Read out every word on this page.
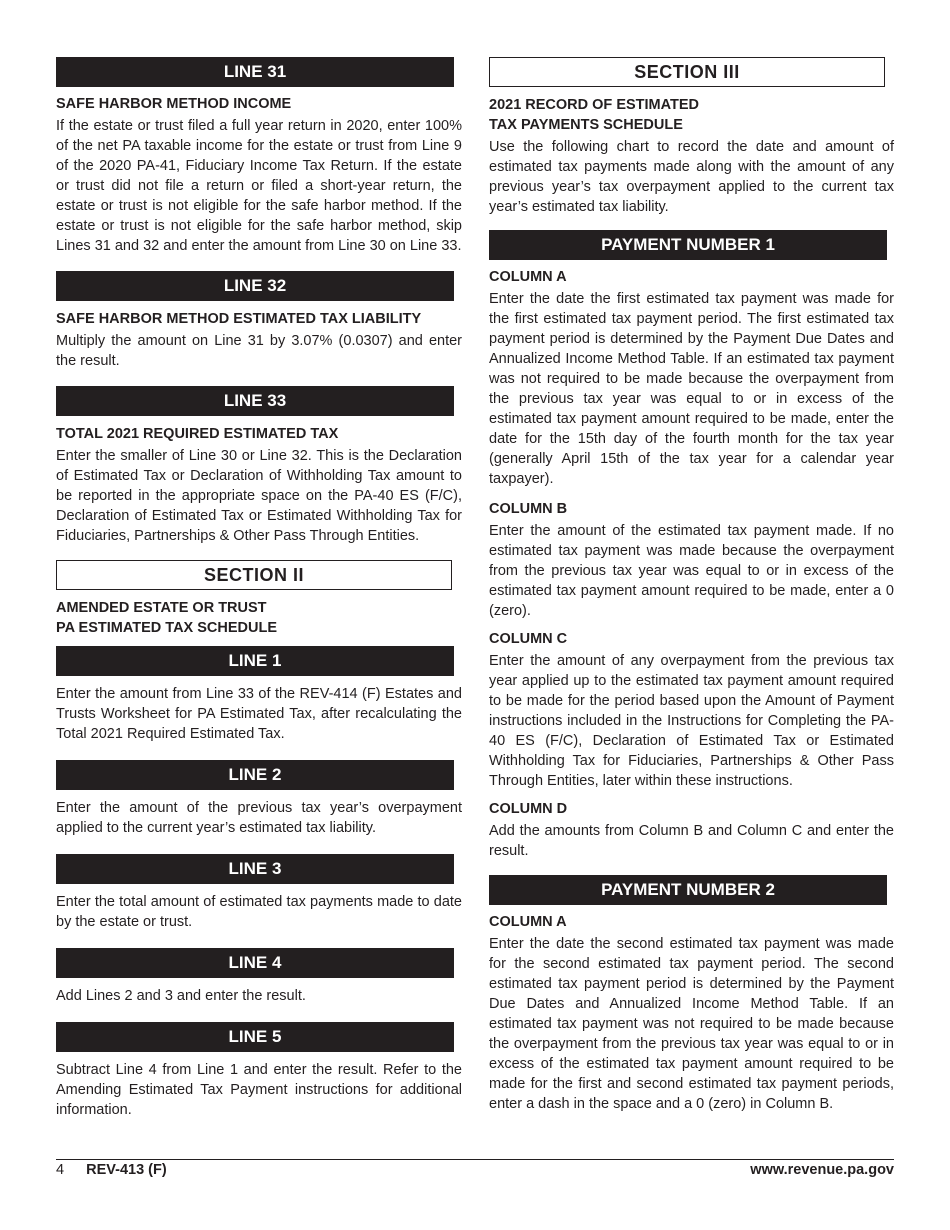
LINE 31

SAFE HARBOR METHOD INCOME

If the estate or trust filed a full year return in 2020, enter 100% of the net PA taxable income for the estate or trust from Line 9 of the 2020 PA-41, Fiduciary Income Tax Return. If the estate or trust did not file a return or filed a short-year return, the estate or trust is not eligible for the safe harbor method. If the estate or trust is not eligible for the safe harbor method, skip Lines 31 and 32 and enter the amount from Line 30 on Line 33.

LINE 32

SAFE HARBOR METHOD ESTIMATED TAX LIABILITY

Multiply the amount on Line 31 by 3.07% (0.0307) and enter the result.

LINE 33

TOTAL 2021 REQUIRED ESTIMATED TAX

Enter the smaller of Line 30 or Line 32. This is the Declaration of Estimated Tax or Declaration of Withholding Tax amount to be reported in the appropriate space on the PA-40 ES (F/C), Declaration of Estimated Tax or Estimated Withholding Tax for Fiduciaries, Partnerships & Other Pass Through Entities.

SECTION II

AMENDED ESTATE OR TRUST

PA ESTIMATED TAX SCHEDULE

LINE 1

Enter the amount from Line 33 of the REV-414 (F) Estates and Trusts Worksheet for PA Estimated Tax, after recalculating the Total 2021 Required Estimated Tax.

LINE 2

Enter the amount of the previous tax year’s overpayment applied to the current year’s estimated tax liability.

LINE 3

Enter the total amount of estimated tax payments made to date by the estate or trust.

LINE 4

Add Lines 2 and 3 and enter the result.

LINE 5

Subtract Line 4 from Line 1 and enter the result. Refer to the Amending Estimated Tax Payment instructions for additional information.

SECTION III

2021 RECORD OF ESTIMATED

TAX PAYMENTS SCHEDULE

Use the following chart to record the date and amount of estimated tax payments made along with the amount of any previous year’s tax overpayment applied to the current tax year’s estimated tax liability.

PAYMENT NUMBER 1

COLUMN A

Enter the date the first estimated tax payment was made for the first estimated tax payment period. The first estimated tax payment period is determined by the Payment Due Dates and Annualized Income Method Table. If an estimated tax payment was not required to be made because the overpayment from the previous tax year was equal to or in excess of the estimated tax payment amount required to be made, enter the date for the 15th day of the fourth month for the tax year (generally April 15th of the tax year for a calendar year taxpayer).

COLUMN B

Enter the amount of the estimated tax payment made. If no estimated tax payment was made because the overpayment from the previous tax year was equal to or in excess of the estimated tax payment amount required to be made, enter a 0 (zero).

COLUMN C

Enter the amount of any overpayment from the previous tax year applied up to the estimated tax payment amount required to be made for the period based upon the Amount of Payment instructions included in the Instructions for Completing the PA-40 ES (F/C), Declaration of Estimated Tax or Estimated Withholding Tax for Fiduciaries, Partnerships & Other Pass Through Entities, later within these instructions.

COLUMN D

Add the amounts from Column B and Column C and enter the result.

PAYMENT NUMBER 2

COLUMN A

Enter the date the second estimated tax payment was made for the second estimated tax payment period. The second estimated tax payment period is determined by the Payment Due Dates and Annualized Income Method Table. If an estimated tax payment was not required to be made because the overpayment from the previous tax year was equal to or in excess of the estimated tax payment amount required to be made for the first and second estimated tax payment periods, enter a dash in the space and a 0 (zero) in Column B.

4 REV-413 (F)	www.revenue.pa.gov
